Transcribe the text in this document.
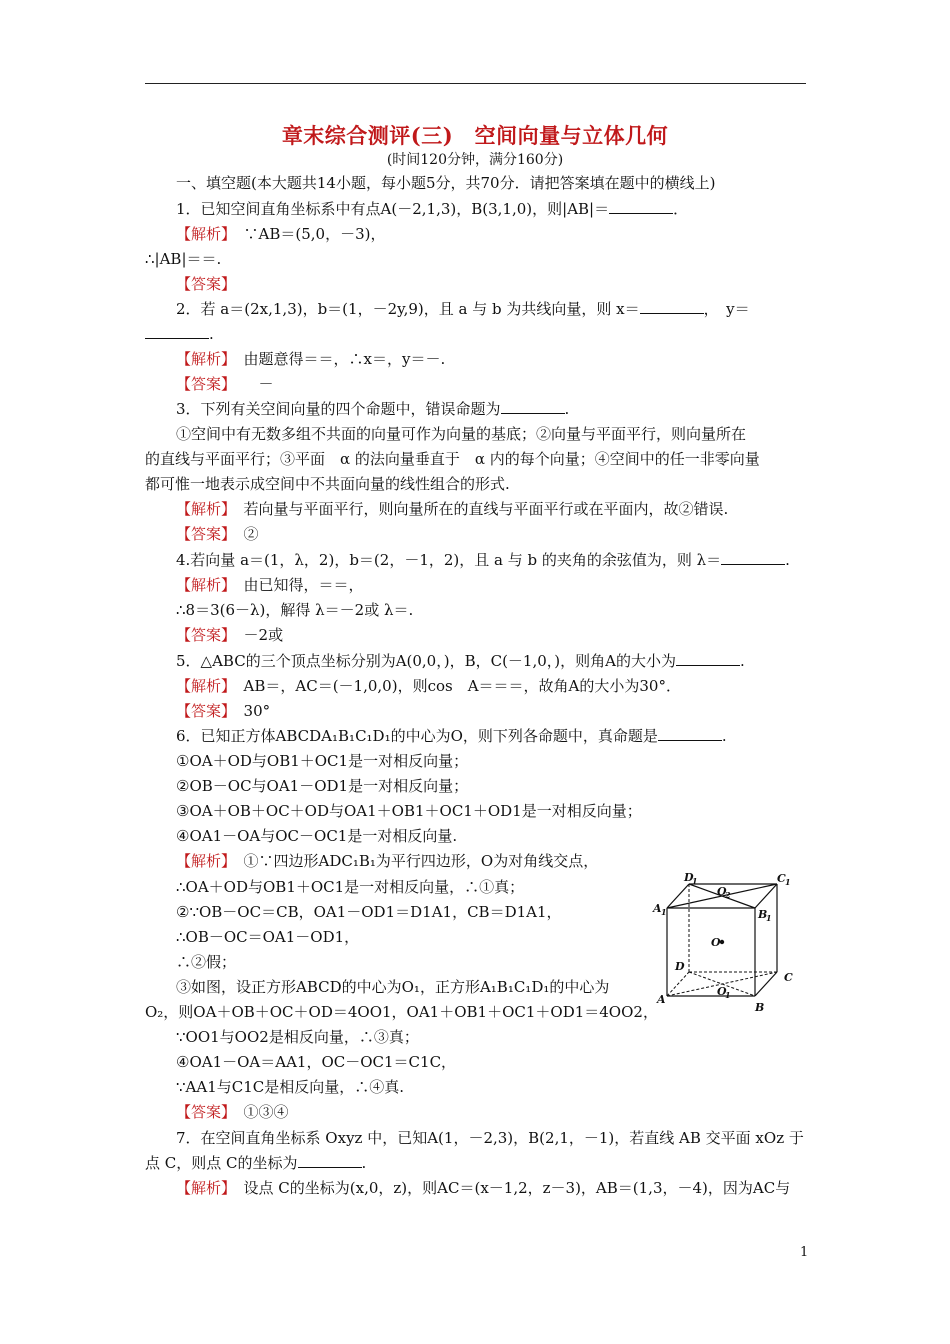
章末综合测评(三)　空间向量与立体几何
(时间120分钟，满分160分)
一、填空题(本大题共14小题，每小题5分，共70分．请把答案填在题中的横线上)
1．已知空间直角坐标系中有点A(－2,1,3)，B(3,1,0)，则|AB|＝	．
【解析】　 ∵AB＝(5,0，－3)，
∴|AB|＝＝.
【答案】　
2．若 a＝(2x,1,3)，b＝(1，－2y,9)，且 a 与 b 为共线向量，则 x＝	，　y＝
.
【解析】　 由题意得＝＝，∴x＝，y＝－.
【答案】　　 －
3．下列有关空间向量的四个命题中，错误命题为	.
①空间中有无数多组不共面的向量可作为向量的基底；②向量与平面平行，则向量所在
的直线与平面平行；③平面　α 的法向量垂直于　α 内的每个向量；④空间中的任一非零向量
都可惟一地表示成空间中不共面向量的线性组合的形式.
【解析】　 若向量与平面平行，则向量所在的直线与平面平行或在平面内，故②错误.
【答案】　 ②
4.若向量 a＝(1，λ，2)，b＝(2，－1，2)，且 a 与 b 的夹角的余弦值为，则 λ＝	.
【解析】　 由已知得，＝＝，
∴8＝3(6－λ)，解得 λ＝－2或 λ＝.
【答案】　 －2或
5．△ABC的三个顶点坐标分别为A(0,0，)，B，C(－1,0，)，则角A的大小为	.
【解析】　 AB＝，AC＝(－1,0,0)，则cos　A＝＝＝，故角A的大小为30°．
【答案】　 30°
6．已知正方体ABCDA₁B₁C₁D₁的中心为O，则下列各命题中，真命题是	.
①OA＋OD与OB1＋OC1是一对相反向量；
②OB－OC与OA1－OD1是一对相反向量；
③OA＋OB＋OC＋OD与OA1＋OB1＋OC1＋OD1是一对相反向量；
④OA1－OA与OC－OC1是一对相反向量.
【解析】　 ①∵四边形ADC₁B₁为平行四边形，O为对角线交点，
∴OA＋OD与OB1＋OC1是一对相反向量，∴①真；
②∵OB－OC＝CB，OA1－OD1＝D1A1，CB＝D1A1，
∴OB－OC＝OA1－OD1，
∴②假；
③如图，设正方形ABCD的中心为O₁，正方形A₁B₁C₁D₁的中心为
O₂，则OA＋OB＋OC＋OD＝4OO1，OA1＋OB1＋OC1＋OD1＝4OO2，
∵OO1与OO2是相反向量，∴③真；
④OA1－OA＝AA1，OC－OC1＝C1C，
∵AA1与C1C是相反向量，∴④真.
【答案】　 ①③④
A
B
C
D
O
A 1	B
1
C 1
D
1
O
2
O
1
7．在空间直角坐标系 Oxyz 中，已知A(1，－2,3)，B(2,1，－1)，若直线 AB 交平面 xOz 于
点 C，则点 C的坐标为	.
【解析】　 设点 C的坐标为(x,0，z)，则AC＝(x－1,2，z－3)，AB＝(1,3，－4)，因为AC与
1
